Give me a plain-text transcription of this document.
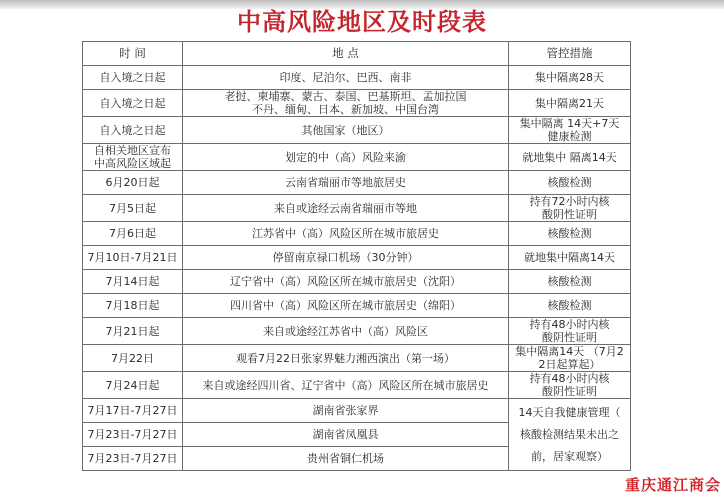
中高风险地区及时段表
时 间	地 点	管控措施
自入境之日起	印度、尼泊尔、巴西、南非	集中隔离28天
自入境之日起	老挝、柬埔寨、蒙古、泰国、巴基斯坦、孟加拉国
不丹、缅甸、日本、新加坡、中国台湾	集中隔离21天
自入境之日起	其他国家（地区）	集中隔离 14天+7天
健康检测
自相关地区宣布
中高风险区域起	划定的中（高）风险来渝	就地集中 隔离14天
6月20日起	云南省瑞丽市等地旅居史	核酸检测
7月5日起	来自或途经云南省瑞丽市等地	持有72小时内核
酸阴性证明
7月6日起	江苏省中（高）风险区所在城市旅居史	核酸检测
7月10日-7月21日	停留南京禄口机场（30分钟）	就地集中隔离14天
7月14日起	辽宁省中（高）风险区所在城市旅居史（沈阳）	核酸检测
7月18日起	四川省中（高）风险区所在城市旅居史（绵阳）	核酸检测
7月21日起	来自或途经江苏省中（高）风险区	持有48小时内核
酸阴性证明
7月22日	观看7月22日张家界魅力湘西演出（第一场）	集中隔离14天 （7月2
2日起算起）
7月24日起	来自或途经四川省、辽宁省中（高）风险区所在城市旅居史	持有48小时内核
酸阴性证明
7月17日-7月27日	湖南省张家界	14天自我健康管理（
核酸检测结果未出之
前，居家观察）
7月23日-7月27日	湖南省凤凰县	
7月23日-7月27日	贵州省铜仁机场	
重庆通江商会
